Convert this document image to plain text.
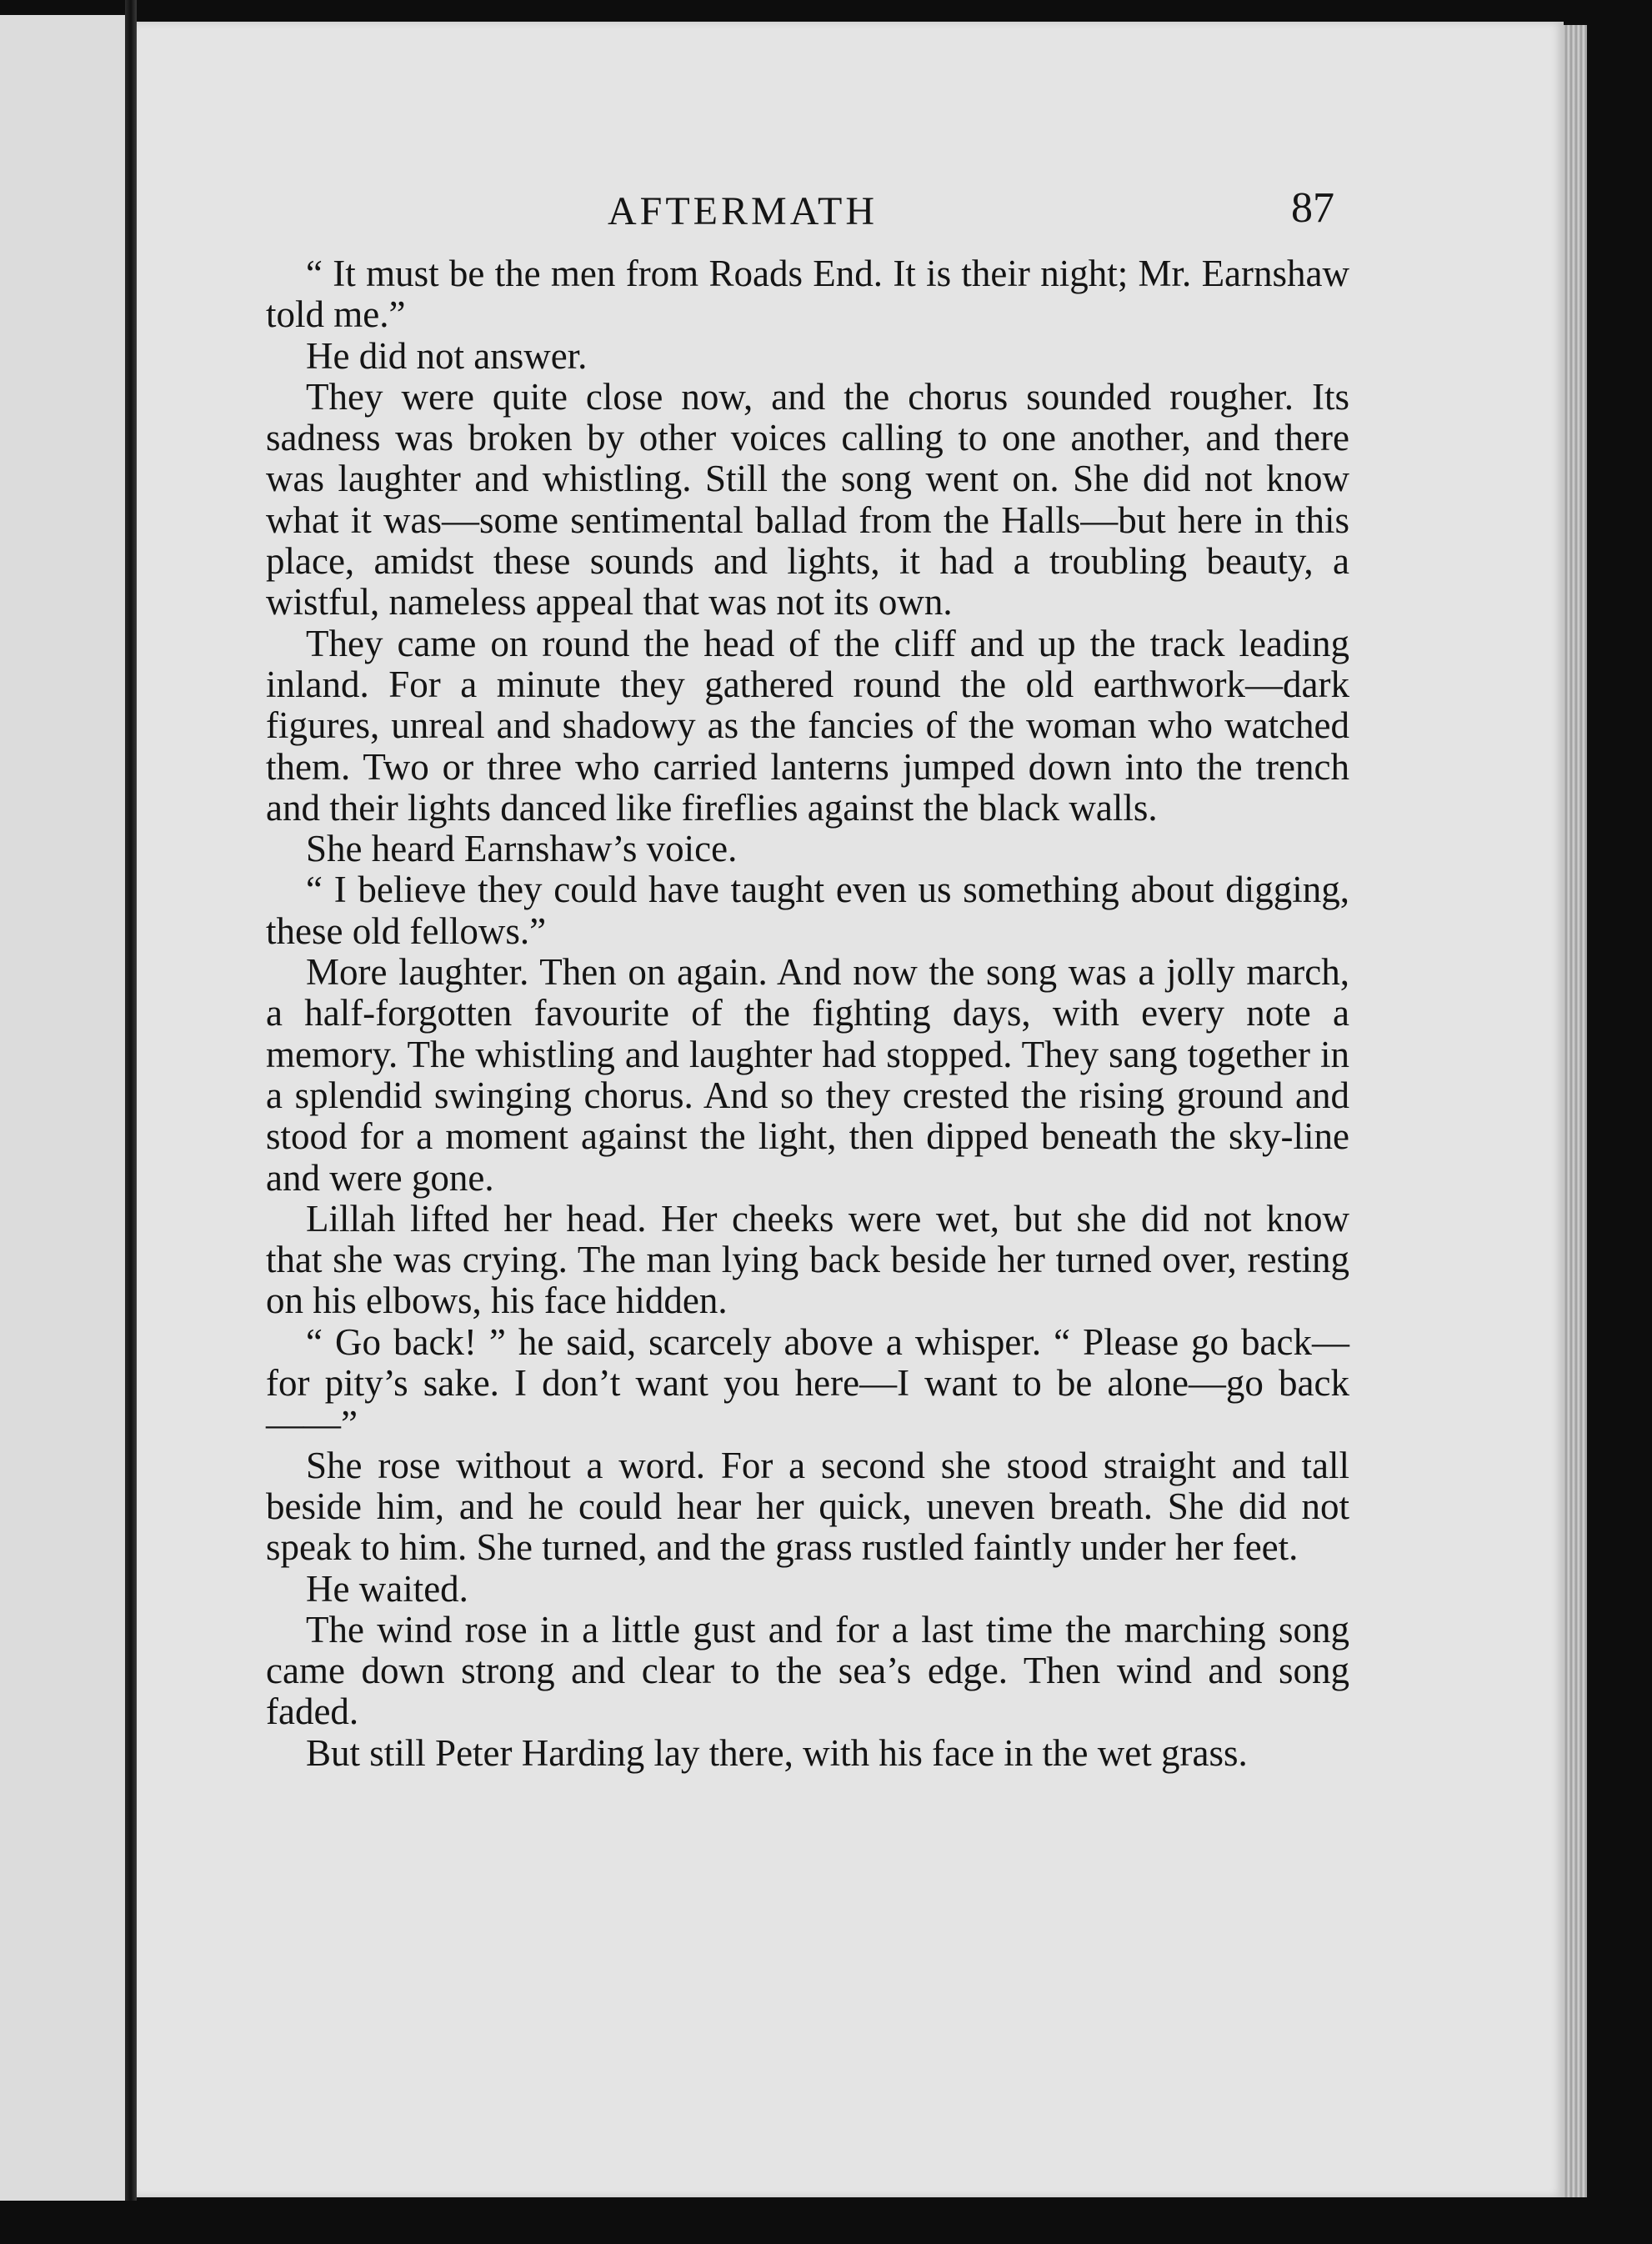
AFTERMATH	87

“ It must be the men from Roads End. It is their night; Mr. Earnshaw told me.”

He did not answer.

They were quite close now, and the chorus sounded rougher. Its sadness was broken by other voices calling to one another, and there was laughter and whistling. Still the song went on. She did not know what it was—some sentimental ballad from the Halls—but here in this place, amidst these sounds and lights, it had a troubling beauty, a wistful, nameless appeal that was not its own.

They came on round the head of the cliff and up the track leading inland. For a minute they gathered round the old earthwork—dark figures, unreal and shadowy as the fancies of the woman who watched them. Two or three who carried lanterns jumped down into the trench and their lights danced like fireflies against the black walls.

She heard Earnshaw’s voice.

“ I believe they could have taught even us something about digging, these old fellows.”

More laughter. Then on again. And now the song was a jolly march, a half-forgotten favourite of the fighting days, with every note a memory. The whistling and laughter had stopped. They sang together in a splendid swinging chorus. And so they crested the rising ground and stood for a moment against the light, then dipped beneath the sky-line and were gone.

Lillah lifted her head. Her cheeks were wet, but she did not know that she was crying. The man lying back beside her turned over, resting on his elbows, his face hidden.

“ Go back! ” he said, scarcely above a whisper. “ Please go back—for pity’s sake. I don’t want you here—I want to be alone—go back——”

She rose without a word. For a second she stood straight and tall beside him, and he could hear her quick, uneven breath. She did not speak to him. She turned, and the grass rustled faintly under her feet.

He waited.

The wind rose in a little gust and for a last time the marching song came down strong and clear to the sea’s edge. Then wind and song faded.

But still Peter Harding lay there, with his face in the wet grass.
